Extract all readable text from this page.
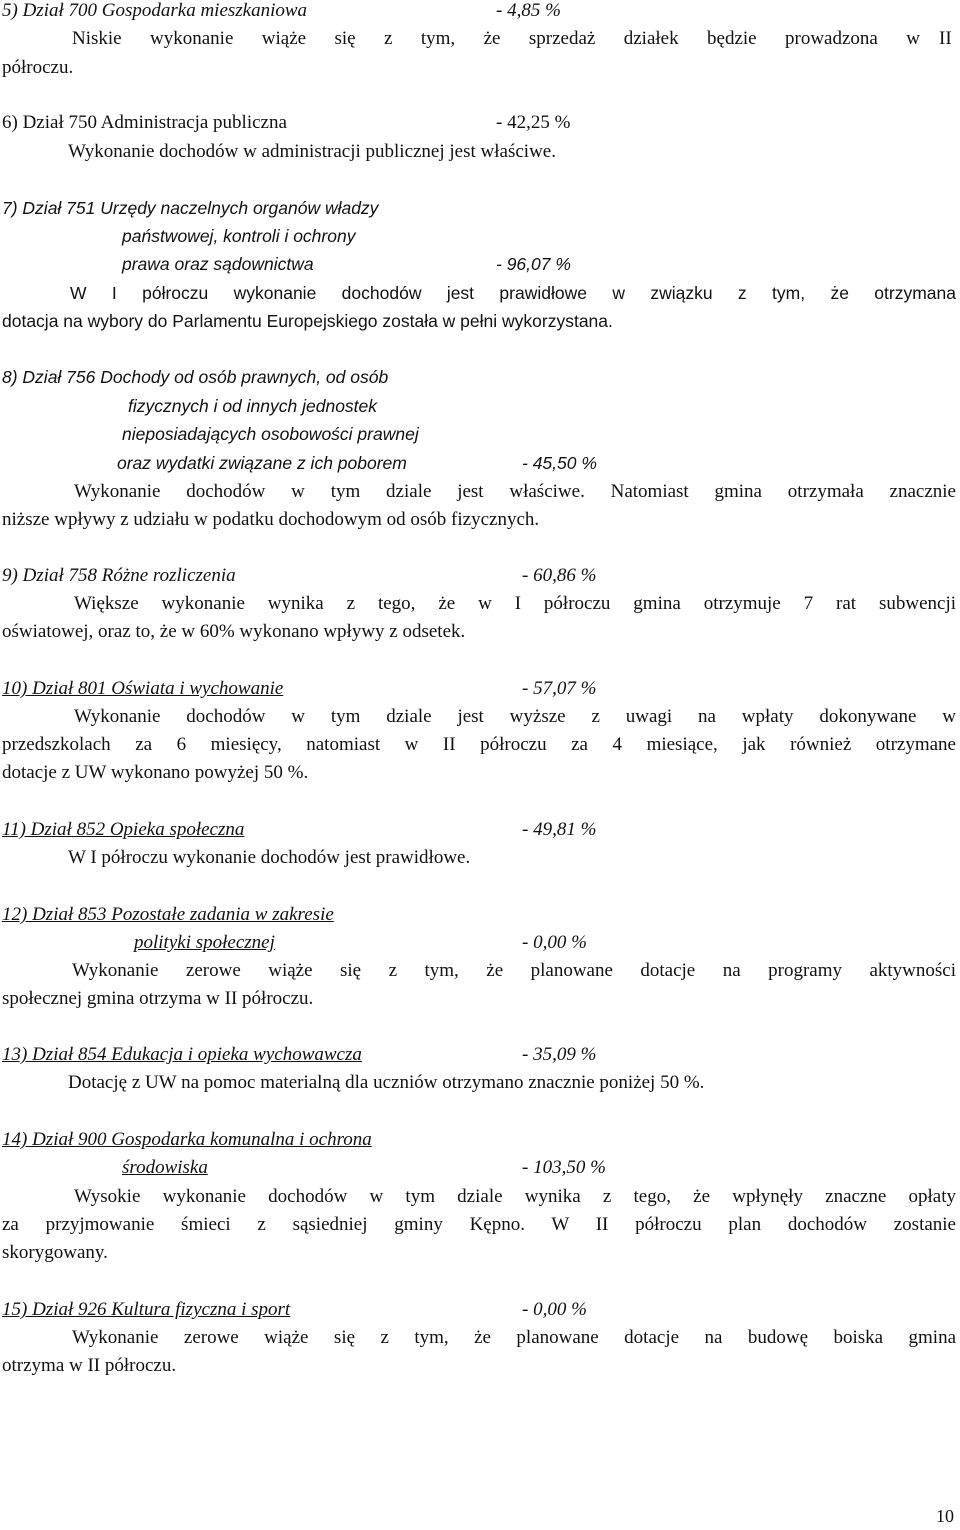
5) Dział 700 Gospodarka mieszkaniowa	- 4,85 %
Niskie wykonanie wiąże się z tym, że sprzedaż działek będzie prowadzona w II
półroczu.
6) Dział 750 Administracja publiczna	- 42,25 %
Wykonanie dochodów w administracji publicznej jest właściwe.
7) Dział 751 Urzędy naczelnych organów władzy
państwowej, kontroli i ochrony
prawa oraz sądownictwa	- 96,07 %
W I półroczu wykonanie dochodów jest prawidłowe w związku z tym, że otrzymana
dotacja na wybory do Parlamentu Europejskiego została w pełni wykorzystana.
8) Dział 756 Dochody od osób prawnych, od osób
fizycznych i od innych jednostek
nieposiadających osobowości prawnej
oraz wydatki związane z ich poborem	- 45,50 %
Wykonanie dochodów w tym dziale jest właściwe. Natomiast gmina otrzymała znacznie
niższe wpływy z udziału w podatku dochodowym od osób fizycznych.
9) Dział 758 Różne rozliczenia	- 60,86 %
Większe wykonanie wynika z tego, że w I półroczu gmina otrzymuje 7 rat subwencji
oświatowej, oraz to, że w 60% wykonano wpływy z odsetek.
10) Dział 801 Oświata i wychowanie	- 57,07 %
Wykonanie dochodów w tym dziale jest wyższe z uwagi na wpłaty dokonywane w
przedszkolach za 6 miesięcy, natomiast w II półroczu za 4 miesiące, jak również otrzymane
dotacje z UW wykonano powyżej 50 %.
11) Dział 852 Opieka społeczna	- 49,81 %
W I półroczu wykonanie dochodów jest prawidłowe.
12) Dział 853 Pozostałe zadania w zakresie
polityki społecznej	- 0,00 %
Wykonanie zerowe wiąże się z tym, że planowane dotacje na programy aktywności
społecznej gmina otrzyma w II półroczu.
13) Dział 854 Edukacja i opieka wychowawcza	- 35,09 %
Dotację z UW na pomoc materialną dla uczniów otrzymano znacznie poniżej 50 %.
14) Dział 900 Gospodarka komunalna i ochrona
środowiska	- 103,50 %
Wysokie wykonanie dochodów w tym dziale wynika z tego, że wpłynęły znaczne opłaty
za przyjmowanie śmieci z sąsiedniej gminy Kępno. W II półroczu plan dochodów zostanie
skorygowany.
15) Dział 926 Kultura fizyczna i sport	- 0,00 %
Wykonanie zerowe wiąże się z tym, że planowane dotacje na budowę boiska gmina
otrzyma w II półroczu.
10
